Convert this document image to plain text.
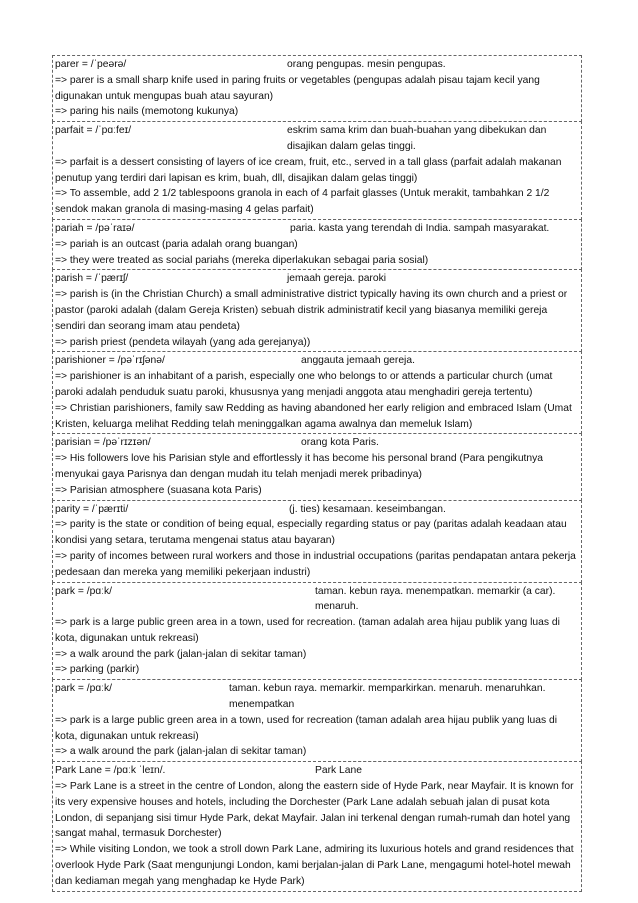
parer = /ˈpeərə/	orang pengupas. mesin pengupas.
=> parer is a small sharp knife used in paring fruits or vegetables (pengupas adalah pisau tajam kecil yang digunakan untuk mengupas buah atau sayuran)
=> paring his nails (memotong kukunya)
parfait = /ˈpɑːfeɪ/	eskrim sama krim dan buah-buahan yang dibekukan dan disajikan dalam gelas tinggi.
=> parfait is a dessert consisting of layers of ice cream, fruit, etc., served in a tall glass (parfait adalah makanan penutup yang terdiri dari lapisan es krim, buah, dll, disajikan dalam gelas tinggi)
=> To assemble, add 2 1/2 tablespoons granola in each of 4 parfait glasses (Untuk merakit, tambahkan 2 1/2 sendok makan granola di masing-masing 4 gelas parfait)
pariah = /pəˈraɪə/	paria. kasta yang terendah di India. sampah masyarakat.
=> pariah is an outcast (paria adalah orang buangan)
=> they were treated as social pariahs (mereka diperlakukan sebagai paria sosial)
parish = /ˈpærɪʃ/	jemaah gereja. paroki
=> parish is (in the Christian Church) a small administrative district typically having its own church and a priest or pastor (paroki adalah (dalam Gereja Kristen) sebuah distrik administratif kecil yang biasanya memiliki gereja sendiri dan seorang imam atau pendeta)
=> parish priest (pendeta wilayah (yang ada gerejanya))
parishioner = /pəˈrɪʃənə/	anggauta jemaah gereja.
=> parishioner is an inhabitant of a parish, especially one who belongs to or attends a particular church (umat paroki adalah penduduk suatu paroki, khususnya yang menjadi anggota atau menghadiri gereja tertentu)
=> Christian parishioners, family saw Redding as having abandoned her early religion and embraced Islam (Umat Kristen, keluarga melihat Redding telah meninggalkan agama awalnya dan memeluk Islam)
parisian = /pəˈrɪzɪən/	orang kota Paris.
=> His followers love his Parisian style and effortlessly it has become his personal brand (Para pengikutnya menyukai gaya Parisnya dan dengan mudah itu telah menjadi merek pribadinya)
=> Parisian atmosphere (suasana kota Paris)
parity = /ˈpærɪti/	(j. ties) kesamaan. keseimbangan.
=> parity is the state or condition of being equal, especially regarding status or pay (paritas adalah keadaan atau kondisi yang setara, terutama mengenai status atau bayaran)
=> parity of incomes between rural workers and those in industrial occupations (paritas pendapatan antara pekerja pedesaan dan mereka yang memiliki pekerjaan industri)
park = /pɑːk/	taman. kebun raya. menempatkan. memarkir (a car). menaruh.
=> park is a large public green area in a town, used for recreation. (taman adalah area hijau publik yang luas di kota, digunakan untuk rekreasi)
=> a walk around the park (jalan-jalan di sekitar taman)
=> parking (parkir)
park = /pɑːk/	taman. kebun raya. memarkir. memparkirkan. menaruh. menaruhkan. menempatkan
=> park is a large public green area in a town, used for recreation (taman adalah area hijau publik yang luas di kota, digunakan untuk rekreasi)
=> a walk around the park (jalan-jalan di sekitar taman)
Park Lane = /pɑːk ˈleɪn/.	Park Lane
=> Park Lane is a street in the centre of London, along the eastern side of Hyde Park, near Mayfair. It is known for its very expensive houses and hotels, including the Dorchester (Park Lane adalah sebuah jalan di pusat kota London, di sepanjang sisi timur Hyde Park, dekat Mayfair. Jalan ini terkenal dengan rumah-rumah dan hotel yang sangat mahal, termasuk Dorchester)
=> While visiting London, we took a stroll down Park Lane, admiring its luxurious hotels and grand residences that overlook Hyde Park (Saat mengunjungi London, kami berjalan-jalan di Park Lane, mengagumi hotel-hotel mewah dan kediaman megah yang menghadap ke Hyde Park)
